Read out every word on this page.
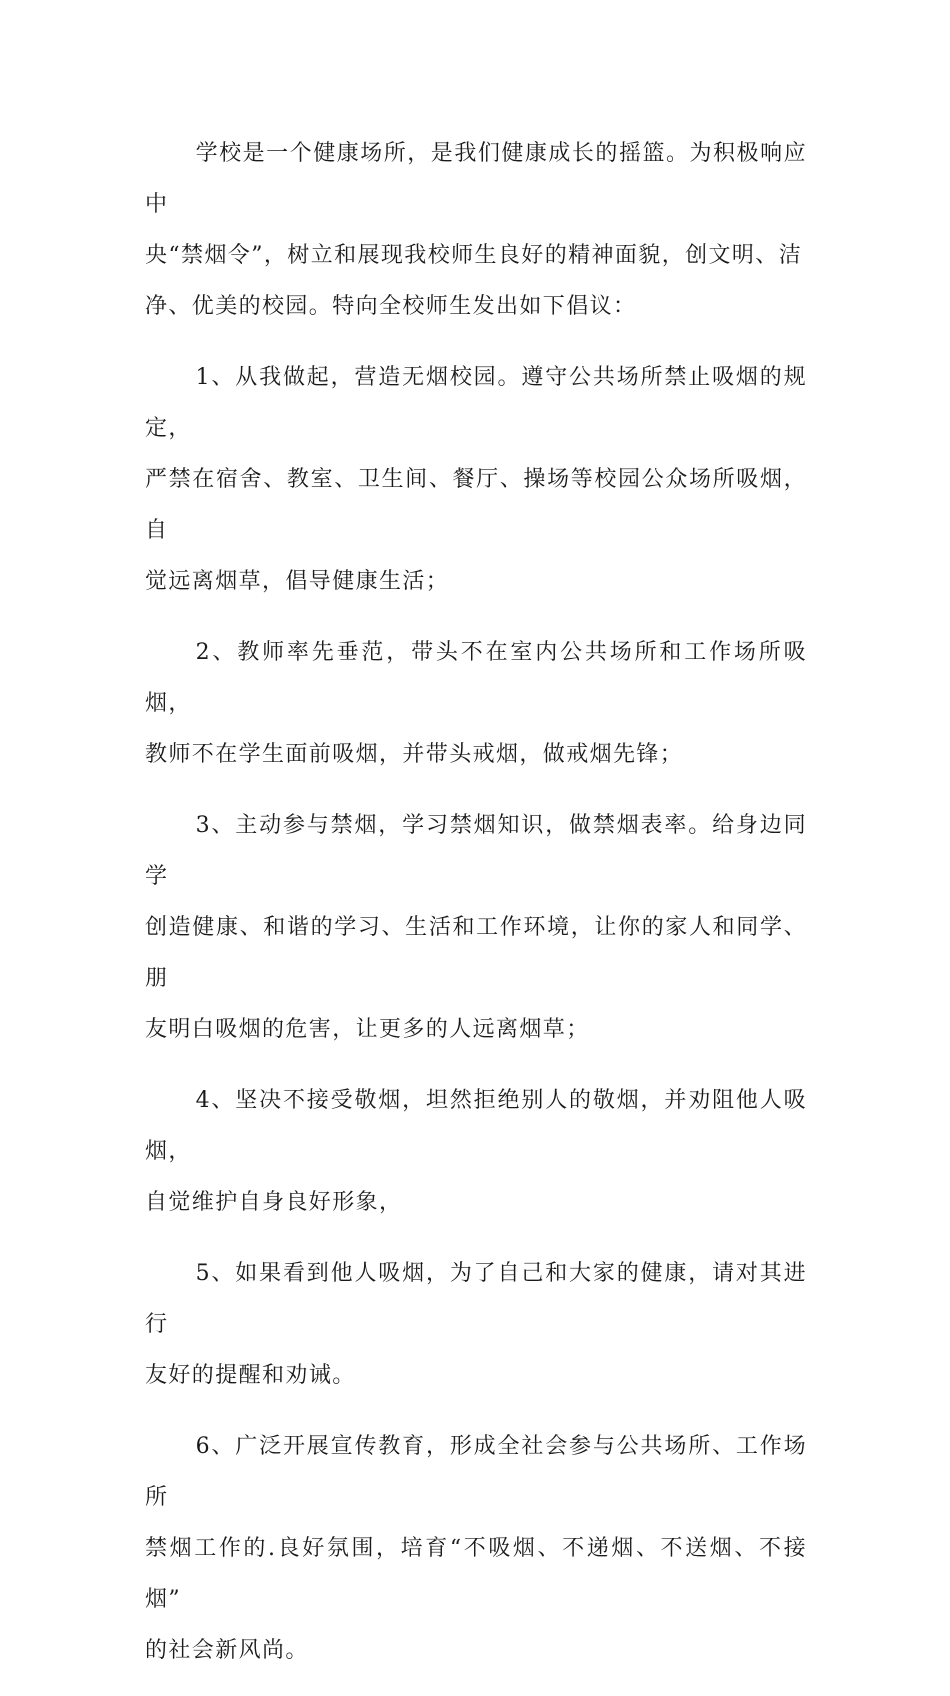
学校是一个健康场所，是我们健康成长的摇篮。为积极响应中
央“禁烟令”，树立和展现我校师生良好的精神面貌，创文明、洁
净、优美的校园。特向全校师生发出如下倡议：

1、从我做起，营造无烟校园。遵守公共场所禁止吸烟的规定，
严禁在宿舍、教室、卫生间、餐厅、操场等校园公众场所吸烟，自
觉远离烟草，倡导健康生活；

2、教师率先垂范，带头不在室内公共场所和工作场所吸烟，
教师不在学生面前吸烟，并带头戒烟，做戒烟先锋；

3、主动参与禁烟，学习禁烟知识，做禁烟表率。给身边同学
创造健康、和谐的学习、生活和工作环境，让你的家人和同学、朋
友明白吸烟的危害，让更多的人远离烟草；

4、坚决不接受敬烟，坦然拒绝别人的敬烟，并劝阻他人吸烟，
自觉维护自身良好形象，

5、如果看到他人吸烟，为了自己和大家的健康，请对其进行
友好的提醒和劝诫。

6、广泛开展宣传教育，形成全社会参与公共场所、工作场所
禁烟工作的.良好氛围，培育“不吸烟、不递烟、不送烟、不接烟”
的社会新风尚。
